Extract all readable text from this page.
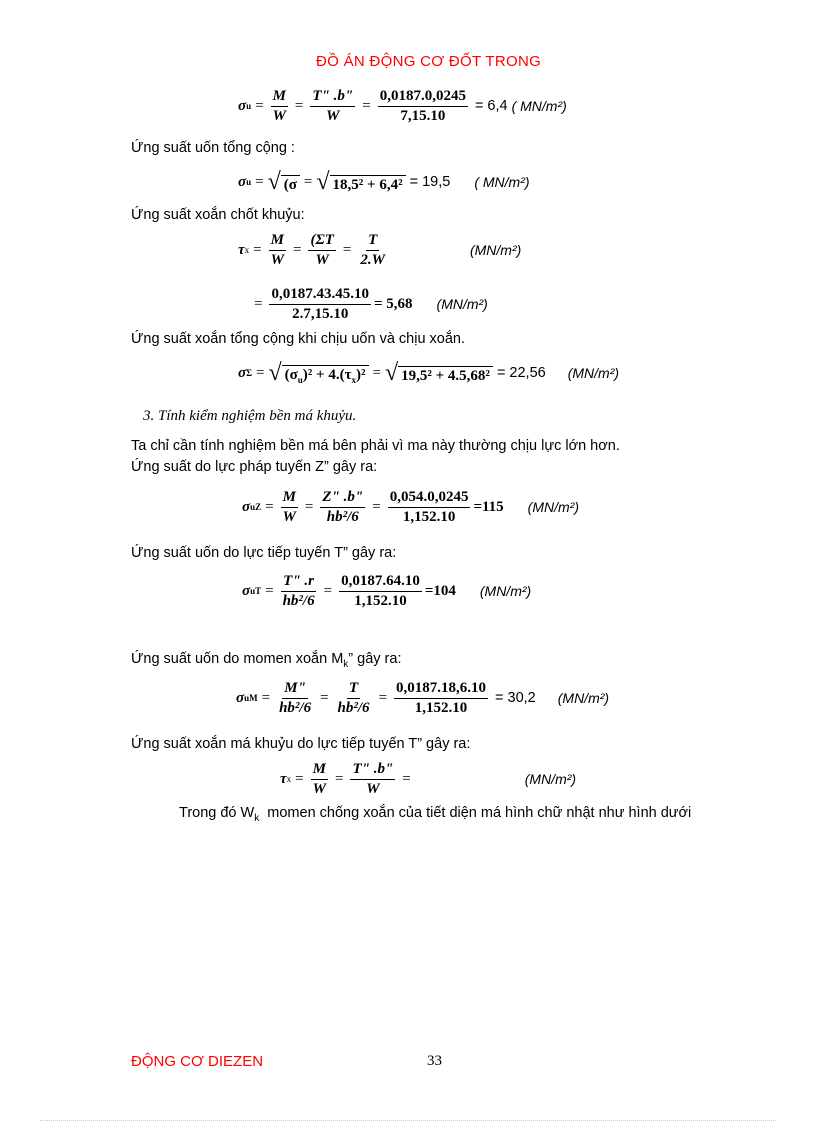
ĐỒ ÁN ĐỘNG CƠ ĐỐT TRONG
σ $u = \frac{M}{W} = \frac{T" .b"}{W} = \frac{0,0187.0,0245}{7,15.10} = 6,4$ ( MN/m²)
Ứng suất uốn tổng cộng :
σ u = √ (σ = √ 18,5² + 6,4² = 19,5 ( MN/m²)
Ứng suất xoắn chốt khuỷu:
τ $x = \frac{M}{W} = \frac{(\Sigma T}{W} = \frac{T}{2.W}$	(MN/m²)
= $\frac{0,0187.43.45.10}{2.7,15.10} = 5,68$ (MN/m²)
Ứng suất xoắn tổng cộng khi chịu uốn và chịu xoắn.
σ Σ = √ $(\sigma_u)^2 + 4.(\tau_x)^2$ = √ 19,5² + 4.5,68² = 22,56 (MN/m²)
3. Tính kiểm nghiệm bền má khuỷu.
Ta chỉ cần tính nghiệm bền má bên phải vì ma này thường chịu lực lớn hơn.
Ứng suất do lực pháp tuyến Z” gây ra:
σ uZ = $\frac{M}{W} = \frac{Z" .b"}{\text{hb²/6}} = \frac{0,054.0,0245}{1,152.10} =115$ (MN/m²)
Ứng suất uốn do lực tiếp tuyến T” gây ra:
σ uT = $\frac{T" .r}{\text{hb²/6}} = \frac{0,0187.64.10}{1,152.10} =104$ (MN/m²)
Ứng suất uốn do momen xoắn $M_k$” gây ra:
σ uM = $\frac{M"}{\text{hb²/6}} = \frac{T}{\text{hb²/6}} = \frac{0,0187.18,6.10}{1,152.10} = 30,2$ (MN/m²)
Ứng suất xoắn má khuỷu do lực tiếp tuyến T” gây ra:
τ $x = \frac{M}{W} = \frac{T" .b"}{W}$ =	(MN/m²)
Trong đó $W_k$ momen chống xoắn của tiết diện má hình chữ nhật như hình dưới
ĐỘNG CƠ DIEZEN	33
